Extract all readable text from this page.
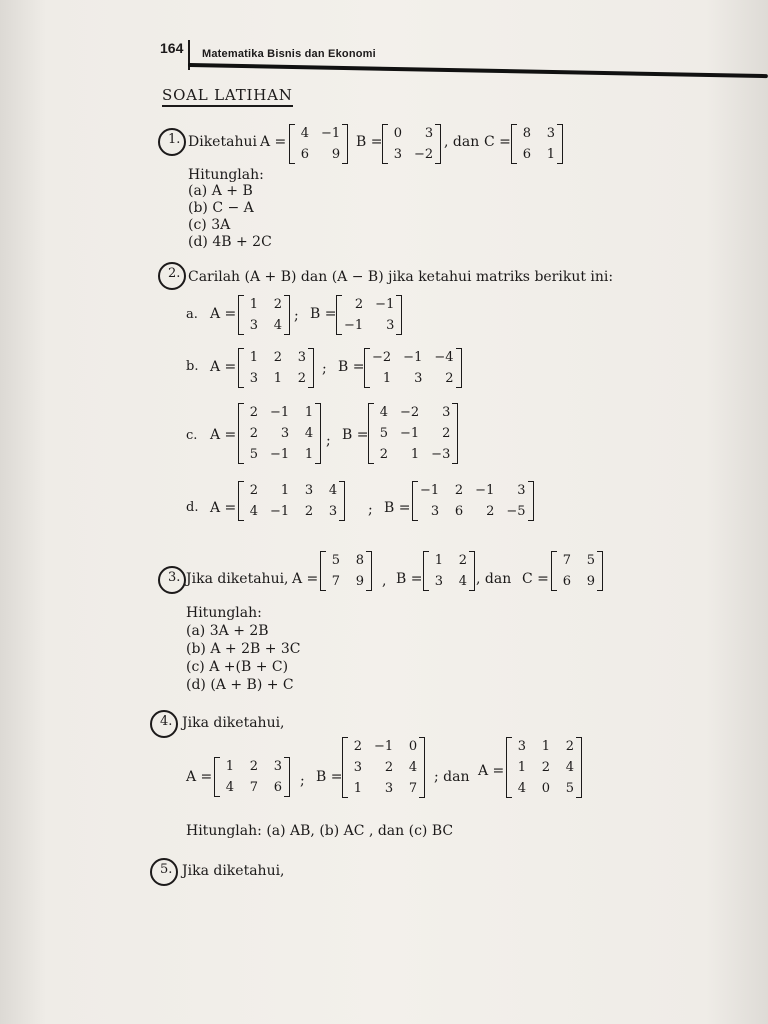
164 Matematika Bisnis dan Ekonomi
SOAL LATIHAN
1. Diketahui A =
4 −1
6	9
B =
0	3
3 −2
, dan C =
8 3
6 1
Hitunglah:
(a) A + B
(b) C − A
(c) 3A
(d) 4B + 2C
2. Carilah (A + B) dan (A − B) jika ketahui matriks berikut ini:
a. A =
1 2
3 4
; B =
2 −1
−1	3
b. A =
1 2 3
3 1 2
; B =
−2 −1 −4
1	3	2
c. A =
2 −1 1
2	3 4
5 −1 1
; B =
4 −2	3
5 −1	2
2	1 −3
d. A =
2	1 3 4
4 −1 2 3 ; B =
−1 2 −1	3
3 6	2 −5
3. Jika diketahui, A =
5 8
7 9 , B =
1 2
3 4 , dan C =
7 5
6 9
Hitunglah:
(a) 3A + 2B
(b) A + 2B + 3C
(c) A +(B + C)
(d) (A + B) + C
4. Jika diketahui,
A =
1 2 3
4 7 6 ; B =
2 −1 0
3	2 4
1	3 7
; dan A =
3 1 2
1 2 4
4 0 5
Hitunglah: (a) AB, (b) AC , dan (c) BC
5. Jika diketahui,
